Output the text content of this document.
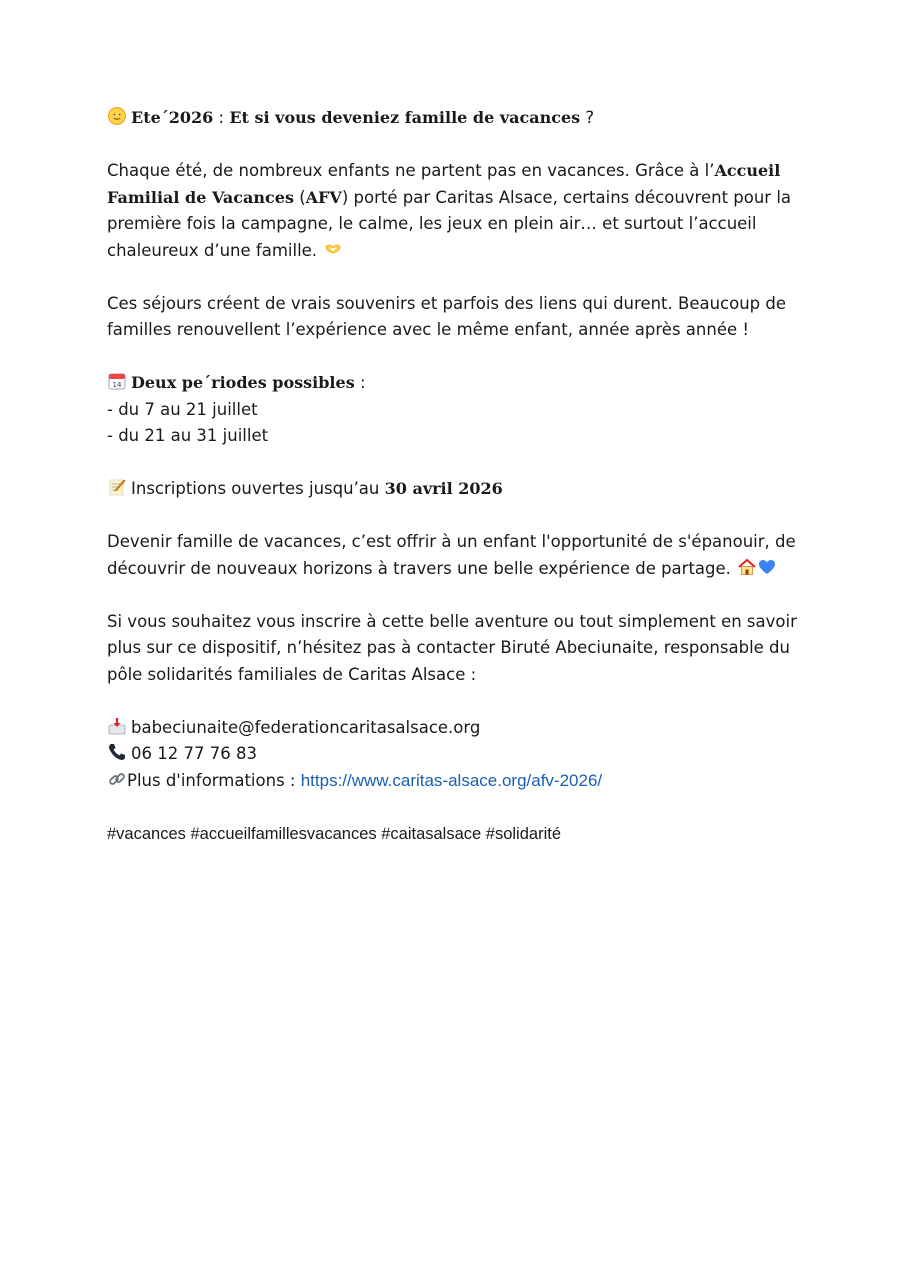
Ete´2026 : Et si vous deveniez famille de vacances ?

Chaque été, de nombreux enfants ne partent pas en vacances. Grâce à l’Accueil Familial de Vacances (AFV) porté par Caritas Alsace, certains découvrent pour la première fois la campagne, le calme, les jeux en plein air… et surtout l’accueil chaleureux d’une famille.

Ces séjours créent de vrais souvenirs et parfois des liens qui durent. Beaucoup de familles renouvellent l’expérience avec le même enfant, année après année !

14 Deux pe´riodes possibles :
- du 7 au 21 juillet
- du 21 au 31 juillet

Inscriptions ouvertes jusqu’au 30 avril 2026

Devenir famille de vacances, c’est offrir à un enfant l'opportunité de s'épanouir, de découvrir de nouveaux horizons à travers une belle expérience de partage.

Si vous souhaitez vous inscrire à cette belle aventure ou tout simplement en savoir plus sur ce dispositif, n’hésitez pas à contacter Biruté Abeciunaite, responsable du pôle solidarités familiales de Caritas Alsace :

babeciunaite@federationcaritasalsace.org
06 12 77 76 83
Plus d'informations : https://www.caritas-alsace.org/afv-2026/

#vacances #accueilfamillesvacances #caitasalsace #solidarité
